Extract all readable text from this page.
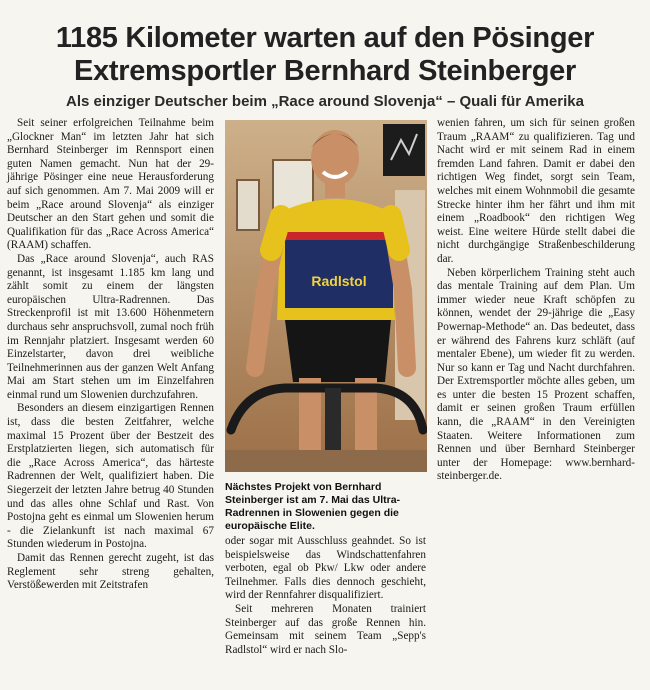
1185 Kilometer warten auf den Pösinger
Extremsportler Bernhard Steinberger
Als einziger Deutscher beim „Race around Slovenja“ – Quali für Amerika

Seit seiner erfolgreichen Teilnahme beim „Glockner Man“ im letzten Jahr hat sich Bernhard Steinberger im Rennsport einen guten Namen gemacht. Nun hat der 29-jährige Pösinger eine neue Herausforderung auf sich genommen. Am 7. Mai 2009 will er beim „Race around Slovenja“ als einziger Deutscher an den Start gehen und somit die Qualifikation für das „Race Across America“ (RAAM) schaffen.

Das „Race around Slovenja“, auch RAS genannt, ist insgesamt 1.185 km lang und zählt somit zu einem der längsten europäischen Ultra-Radrennen. Das Streckenprofil ist mit 13.600 Höhenmetern durchaus sehr anspruchsvoll, zumal noch früh im Rennjahr platziert. Insgesamt werden 60 Einzelstarter, davon drei weibliche Teilnehmerinnen aus der ganzen Welt Anfang Mai am Start stehen um im Einzelfahren einmal rund um Slowenien durchzufahren.

Besonders an diesem einzigartigen Rennen ist, dass die besten Zeitfahrer, welche maximal 15 Prozent über der Bestzeit des Erstplatzierten liegen, sich automatisch für die „Race Across America“, das härteste Radrennen der Welt, qualifiziert haben. Die Siegerzeit der letzten Jahre betrug 40 Stunden und das alles ohne Schlaf und Rast. Von Postojna geht es einmal um Slowenien herum - die Zielankunft ist nach maximal 67 Stunden wiederum in Postojna.

Damit das Rennen gerecht zugeht, ist das Reglement sehr streng gehalten, Verstößewerden mit Zeitstrafen

Radlstol
Nächstes Projekt von Bernhard Steinberger ist am 7. Mai das Ultra-Radrennen in Slowenien gegen die europäische Elite.

oder sogar mit Ausschluss geahndet. So ist beispielsweise das Windschattenfahren verboten, egal ob Pkw/ Lkw oder andere Teilnehmer. Falls dies dennoch geschieht, wird der Rennfahrer disqualifiziert.

Seit mehreren Monaten trainiert Steinberger auf das große Rennen hin. Gemeinsam mit seinem Team „Sepp's Radlstol“ wird er nach Slo-

wenien fahren, um sich für seinen großen Traum „RAAM“ zu qualifizieren. Tag und Nacht wird er mit seinem Rad in einem fremden Land fahren. Damit er dabei den richtigen Weg findet, sorgt sein Team, welches mit einem Wohnmobil die gesamte Strecke hinter ihm her fährt und ihm mit einem „Roadbook“ den richtigen Weg weist. Eine weitere Hürde stellt dabei die nicht durchgängige Straßenbeschilderung dar.

Neben körperlichem Training steht auch das mentale Training auf dem Plan. Um immer wieder neue Kraft schöpfen zu können, wendet der 29-jährige die „Easy Powernap-Methode“ an. Das bedeutet, dass er während des Fahrens kurz schläft (auf mentaler Ebene), um wieder fit zu werden. Nur so kann er Tag und Nacht durchfahren. Der Extremsportler möchte alles geben, um es unter die besten 15 Prozent schaffen, damit er seinen großen Traum erfüllen kann, die „RAAM“ in den Vereinigten Staaten. Weitere Informationen zum Rennen und über Bernhard Steinberger unter der Homepage: www.bernhard-steinberger.de.
